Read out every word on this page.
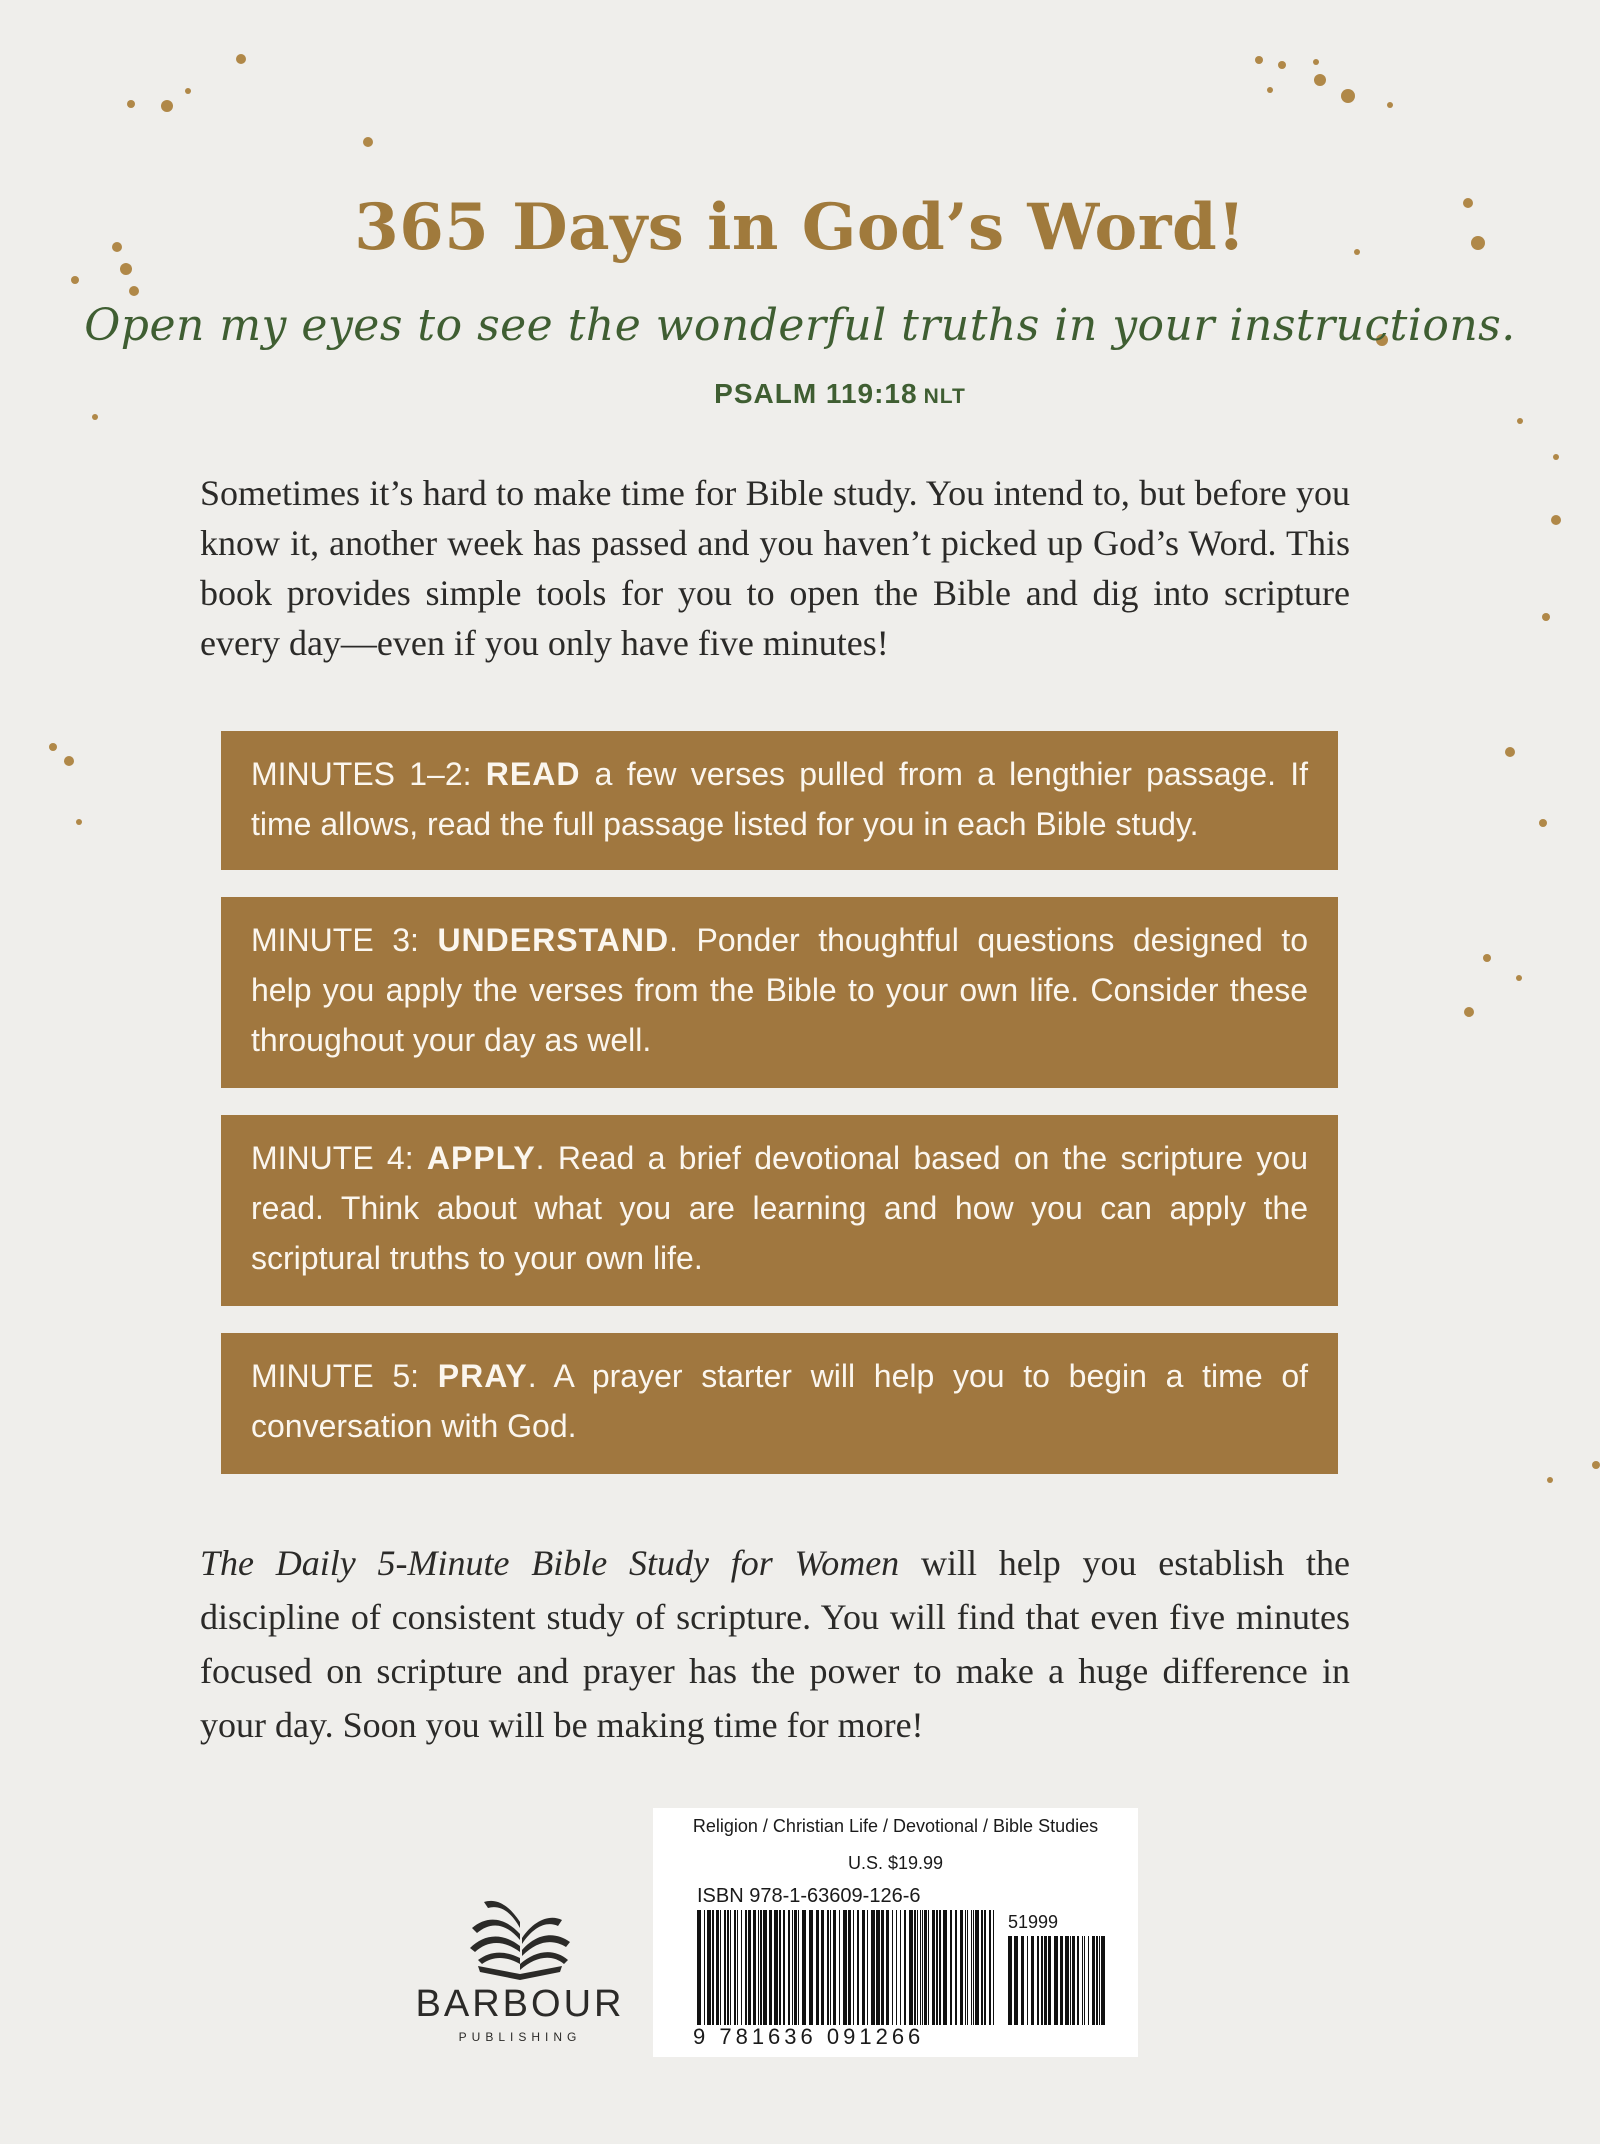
365 Days in God’s Word!
Open my eyes to see the wonderful truths in your instructions.
PSALM 119:18 NLT
Sometimes it’s hard to make time for Bible study. You intend to, but before you know it, another week has passed and you haven’t picked up God’s Word. This book provides simple tools for you to open the Bible and dig into scripture every day—even if you only have five minutes!
MINUTES 1–2: READ a few verses pulled from a lengthier passage. If time allows, read the full passage listed for you in each Bible study.
MINUTE 3: UNDERSTAND. Ponder thoughtful questions designed to help you apply the verses from the Bible to your own life. Consider these throughout your day as well.
MINUTE 4: APPLY. Read a brief devotional based on the scripture you read. Think about what you are learning and how you can apply the scriptural truths to your own life.
MINUTE 5: PRAY. A prayer starter will help you to begin a time of conversation with God.
The Daily 5-Minute Bible Study for Women will help you establish the discipline of consistent study of scripture. You will find that even five minutes focused on scripture and prayer has the power to make a huge difference in your day. Soon you will be making time for more!
BARBOUR
PUBLISHING
Religion / Christian Life / Devotional / Bible Studies
U.S. $19.99
ISBN 978-1-63609-126-6
51999
9 781636 091266
